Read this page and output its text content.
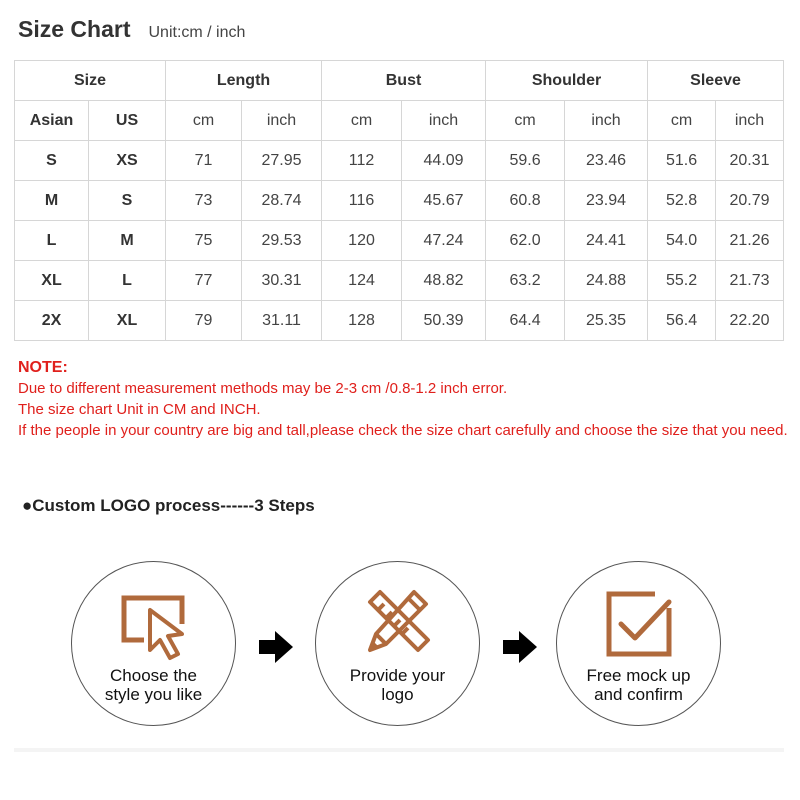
Size Chart Unit:cm / inch
Size		Length		Bust		Shoulder		Sleeve	
Asian	US	cm	inch	cm	inch	cm	inch	cm	inch
S	XS	71	27.95	112	44.09	59.6	23.46	51.6	20.31
M	S	73	28.74	116	45.67	60.8	23.94	52.8	20.79
L	M	75	29.53	120	47.24	62.0	24.41	54.0	21.26
XL	L	77	30.31	124	48.82	63.2	24.88	55.2	21.73
2X	XL	79	31.11	128	50.39	64.4	25.35	56.4	22.20
NOTE:

Due to different measurement methods may be 2-3 cm /0.8-1.2 inch error.

The size chart Unit in CM and INCH.

If the people in your country are big and tall,please check the size chart carefully and choose the size that you need.

●Custom LOGO process------3 Steps
Choose the
style you like
Provide your
logo
Free mock up
and confirm
